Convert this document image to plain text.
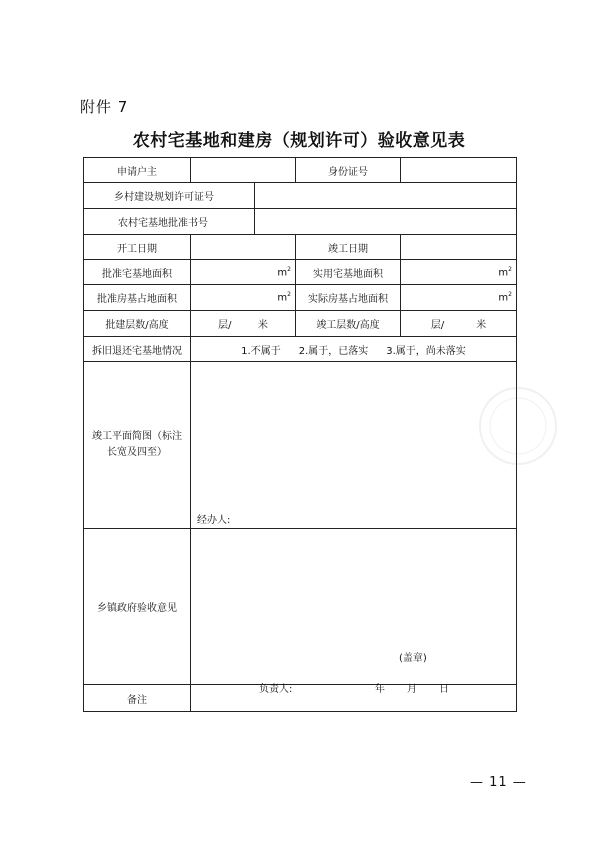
附件 7
农村宅基地和建房（规划许可）验收意见表
申请户主			身份证号	
乡村建设规划许可证号				
农村宅基地批准书号				
开工日期			竣工日期	
批准宅基地面积	$m^2$		实用宅基地面积	$m^2$
批准房基占地面积	$m^2$		实际房基占地面积	$m^2$
批建层数/高度	层/ 米		竣工层数/高度	层/ 米

拆旧退还宅基地情况	1.不属于 2.属于，已落实 3.属于，尚未落实			

竣工平面简图（标注长宽及四至）	经办人:			

乡镇政府验收意见	(盖章)
负责人: 年 月 日			

备注				
— 11 —
